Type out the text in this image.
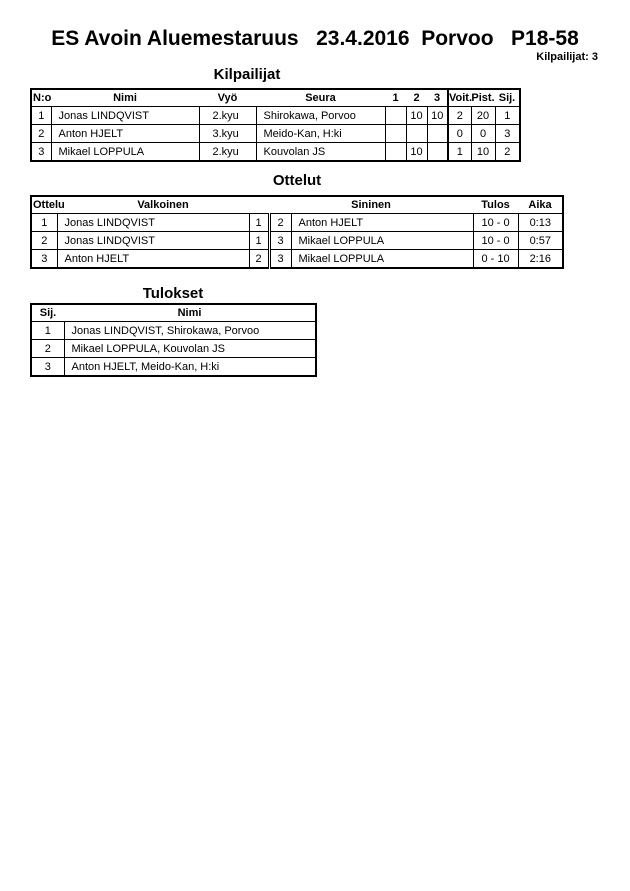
ES Avoin Aluemestaruus   23.4.2016  Porvoo   P18-58
Kilpailijat: 3
Kilpailijat
N:o	Nimi	Vyö	Seura	1	2	3	Voit.	Pist.	Sij.
1	Jonas LINDQVIST	2.kyu	Shirokawa, Porvoo		10	10	2	20	1
2	Anton HJELT	3.kyu	Meido-Kan, H:ki				0	0	3
3	Mikael LOPPULA	2.kyu	Kouvolan JS		10		1	10	2
Ottelut
Ottelu	Valkoinen		Sininen		Tulos	Aika
1	Jonas LINDQVIST	1	2	Anton HJELT	10 - 0	0:13
2	Jonas LINDQVIST	1	3	Mikael LOPPULA	10 - 0	0:57
3	Anton HJELT	2	3	Mikael LOPPULA	0 - 10	2:16
Tulokset
Sij.	Nimi
1	Jonas LINDQVIST, Shirokawa, Porvoo
2	Mikael LOPPULA, Kouvolan JS
3	Anton HJELT, Meido-Kan, H:ki
